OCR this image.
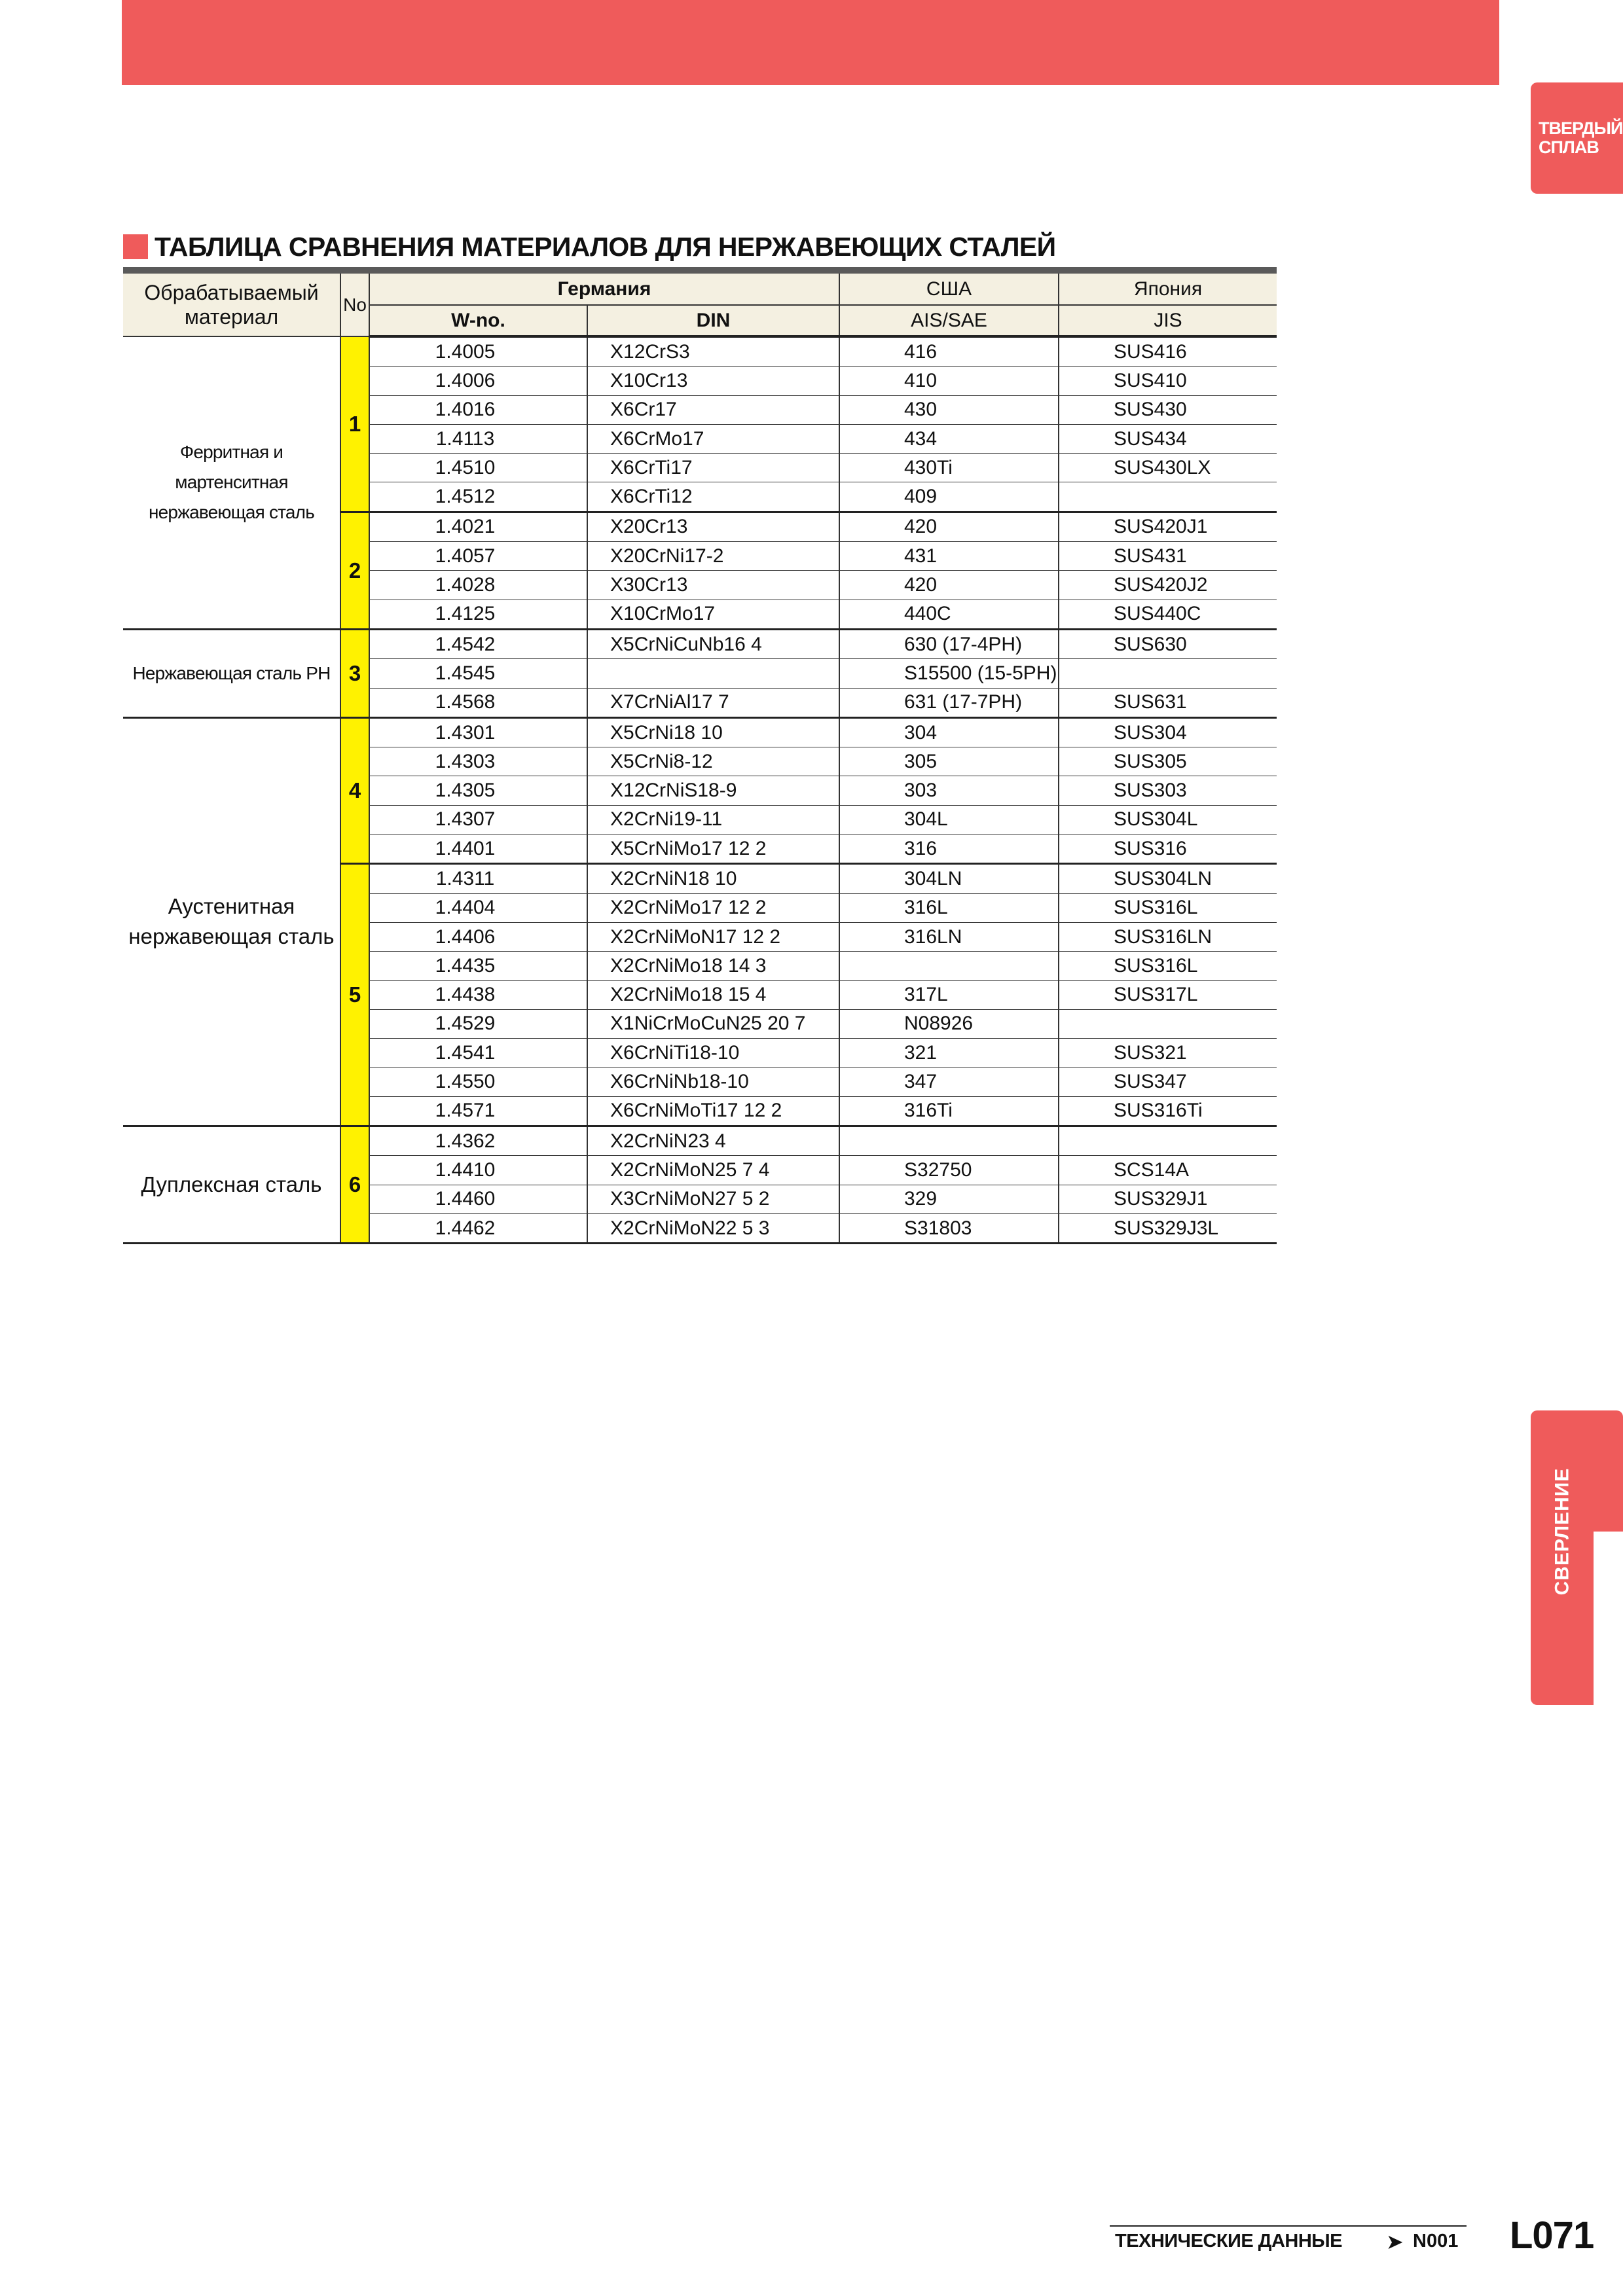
ТВЕРДЫЙ СПЛАВ
СВЕРЛЕНИЕ
ТАБЛИЦА СРАВНЕНИЯ МАТЕРИАЛОВ ДЛЯ НЕРЖАВЕЮЩИХ СТАЛЕЙ
Обрабатываемый материал	No	Германия		США	Япония
		W-no.	DIN	AIS/SAE	JIS

Ферритная и мартенситная нержавеющая сталь	1	1.4005	X12CrS3	416	SUS416
		1.4006	X10Cr13	410	SUS410
		1.4016	X6Cr17	430	SUS430
		1.4113	X6CrMo17	434	SUS434
		1.4510	X6CrTi17	430Ti	SUS430LX
		1.4512	X6CrTi12	409	
	2	1.4021	X20Cr13	420	SUS420J1
		1.4057	X20CrNi17-2	431	SUS431
		1.4028	X30Cr13	420	SUS420J2
		1.4125	X10CrMo17	440C	SUS440C

Нержавеющая сталь PH	3	1.4542	X5CrNiCuNb16 4	630 (17-4PH)	SUS630
		1.4545		S15500 (15-5PH)	
		1.4568	X7CrNiAl17 7	631 (17-7PH)	SUS631

Аустенитная нержавеющая сталь	4	1.4301	X5CrNi18 10	304	SUS304
		1.4303	X5CrNi8-12	305	SUS305
		1.4305	X12CrNiS18-9	303	SUS303
		1.4307	X2CrNi19-11	304L	SUS304L
		1.4401	X5CrNiMo17 12 2	316	SUS316
	5	1.4311	X2CrNiN18 10	304LN	SUS304LN
		1.4404	X2CrNiMo17 12 2	316L	SUS316L
		1.4406	X2CrNiMoN17 12 2	316LN	SUS316LN
		1.4435	X2CrNiMo18 14 3		SUS316L
		1.4438	X2CrNiMo18 15 4	317L	SUS317L
		1.4529	X1NiCrMoCuN25 20 7	N08926	
		1.4541	X6CrNiTi18-10	321	SUS321
		1.4550	X6CrNiNb18-10	347	SUS347
		1.4571	X6CrNiMoTi17 12 2	316Ti	SUS316Ti

Дуплексная сталь	6	1.4362	X2CrNiN23 4		
		1.4410	X2CrNiMoN25 7 4	S32750	SCS14A
		1.4460	X3CrNiMoN27 5 2	329	SUS329J1
		1.4462	X2CrNiMoN22 5 3	S31803	SUS329J3L
ТЕХНИЧЕСКИЕ ДАННЫЕ ➤ N001 L071
